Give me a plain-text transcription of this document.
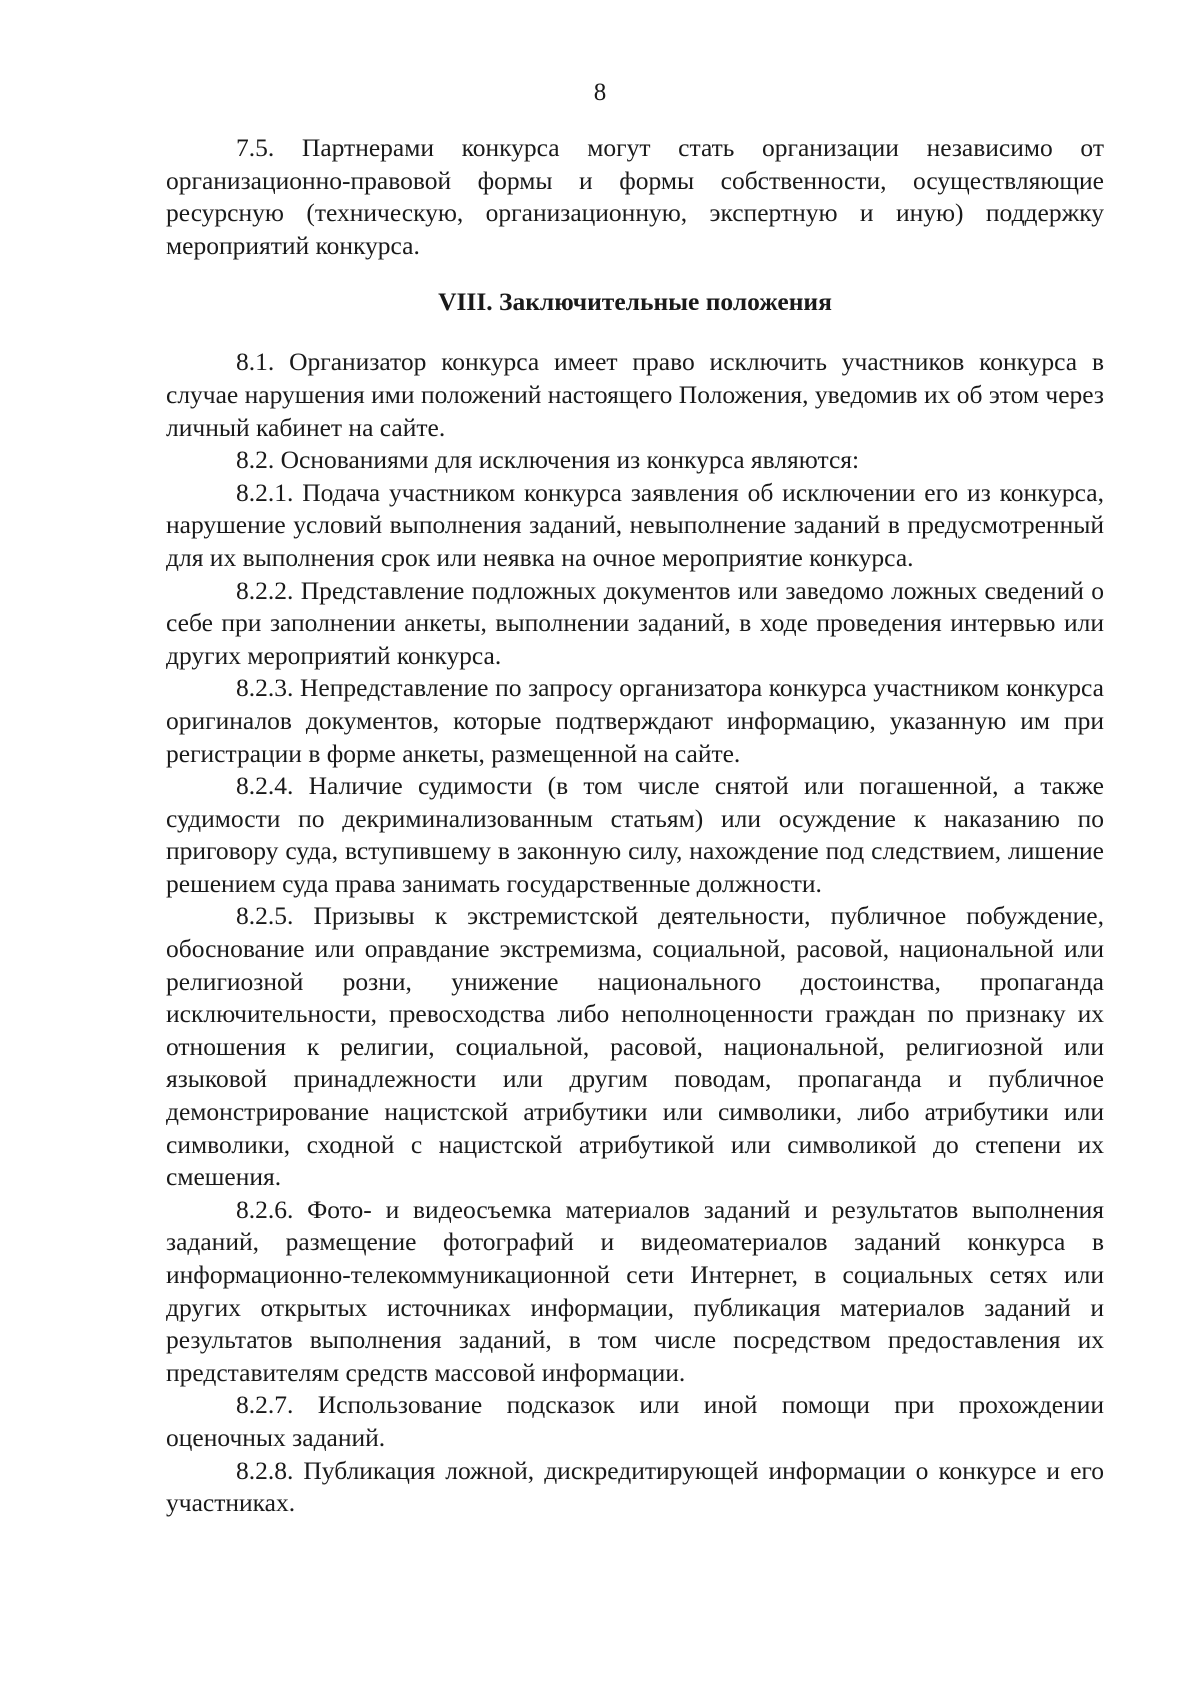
8

7.5. Партнерами конкурса могут стать организации независимо от организационно-правовой формы и формы собственности, осуществляющие ресурсную (техническую, организационную, экспертную и иную) поддержку мероприятий конкурса.

VIII. Заключительные положения

8.1. Организатор конкурса имеет право исключить участников конкурса в случае нарушения ими положений настоящего Положения, уведомив их об этом через личный кабинет на сайте.

8.2. Основаниями для исключения из конкурса являются:

8.2.1. Подача участником конкурса заявления об исключении его из конкурса, нарушение условий выполнения заданий, невыполнение заданий в предусмотренный для их выполнения срок или неявка на очное мероприятие конкурса.

8.2.2. Представление подложных документов или заведомо ложных сведений о себе при заполнении анкеты, выполнении заданий, в ходе проведения интервью или других мероприятий конкурса.

8.2.3. Непредставление по запросу организатора конкурса участником конкурса оригиналов документов, которые подтверждают информацию, указанную им при регистрации в форме анкеты, размещенной на сайте.

8.2.4. Наличие судимости (в том числе снятой или погашенной, а также судимости по декриминализованным статьям) или осуждение к наказанию по приговору суда, вступившему в законную силу, нахождение под следствием, лишение решением суда права занимать государственные должности.

8.2.5. Призывы к экстремистской деятельности, публичное побуждение, обоснование или оправдание экстремизма, социальной, расовой, национальной или религиозной розни, унижение национального достоинства, пропаганда исключительности, превосходства либо неполноценности граждан по признаку их отношения к религии, социальной, расовой, национальной, религиозной или языковой принадлежности или другим поводам, пропаганда и публичное демонстрирование нацистской атрибутики или символики, либо атрибутики или символики, сходной с нацистской атрибутикой или символикой до степени их смешения.

8.2.6. Фото- и видеосъемка материалов заданий и результатов выполнения заданий, размещение фотографий и видеоматериалов заданий конкурса в информационно-телекоммуникационной сети Интернет, в социальных сетях или других открытых источниках информации, публикация материалов заданий и результатов выполнения заданий, в том числе посредством предоставления их представителям средств массовой информации.

8.2.7. Использование подсказок или иной помощи при прохождении оценочных заданий.

8.2.8. Публикация ложной, дискредитирующей информации о конкурсе и его участниках.
